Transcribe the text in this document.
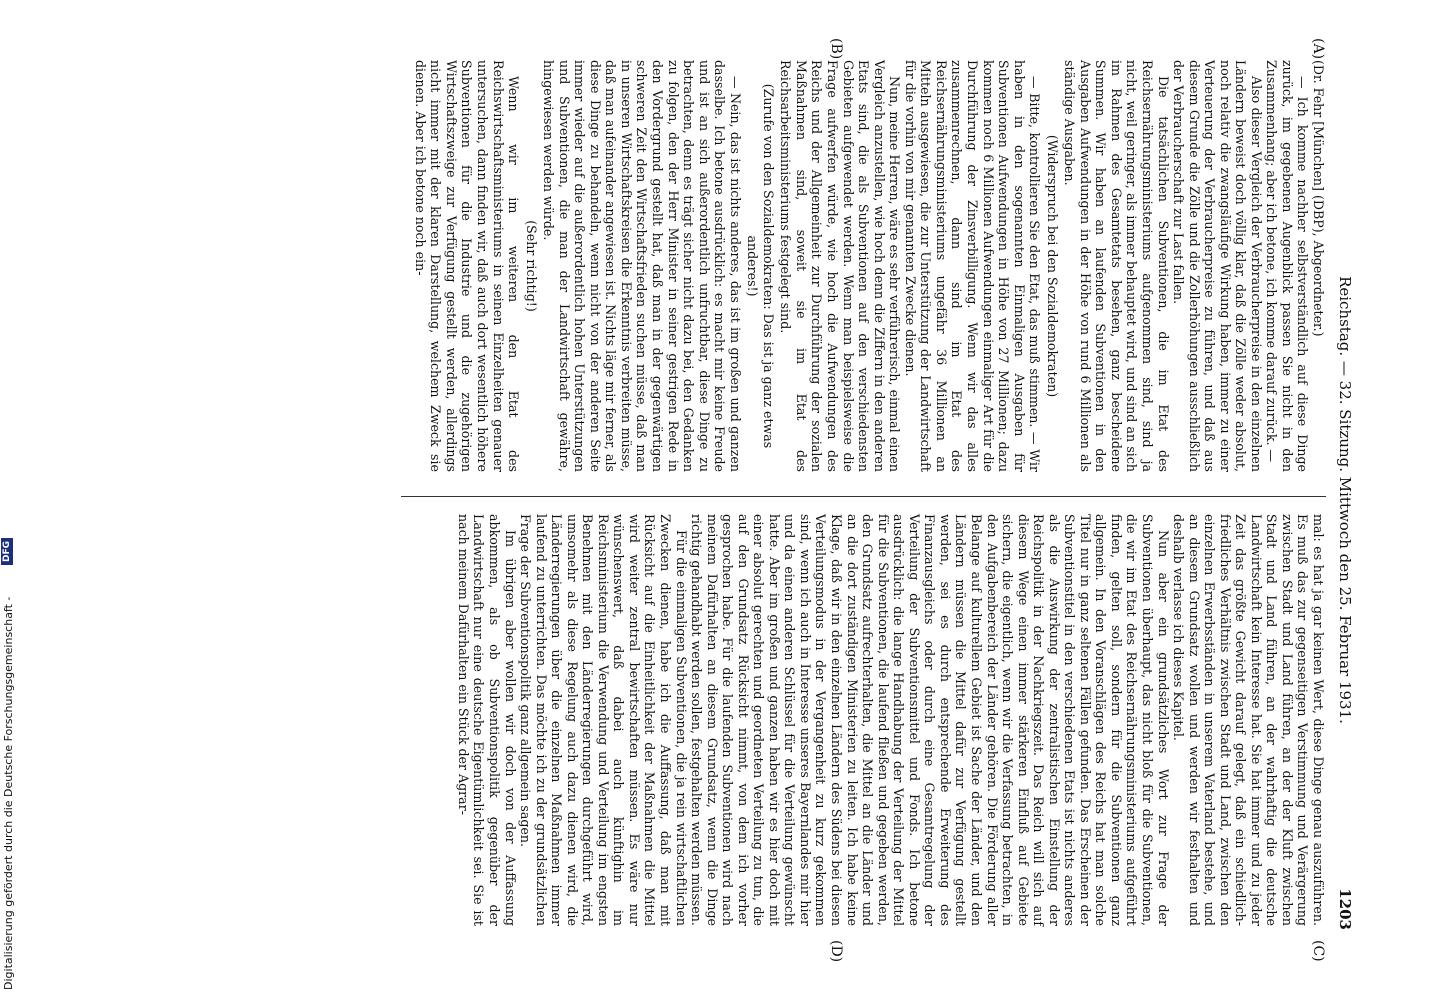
Reichstag. — 32. Sitzung. Mittwoch den 25. Februar 1931.
1203
(A)
(B)
(C)
(D)

(Dr. Fehr [München] (DBP), Abgeordneter.)

— Ich komme nachher selbstverständlich auf diese Dinge zurück, im gegebenen Augenblick passen Sie nicht in den Zusammenhang; aber ich betone, ich komme darauf zurück. —

Also dieser Vergleich der Verbraucherpreise in den einzelnen Ländern beweist doch völlig klar, daß die Zölle weder absolut, noch relativ die zwangsläufige Wirkung haben, immer zu einer Verteuerung der Verbraucherpreise zu führen, und daß aus diesem Grunde die Zölle und die Zollerhöhungen ausschließlich der Verbraucherschaft zur Last fallen.

Die tatsächlichen Subventionen, die im Etat des Reichsernährungsministeriums aufgenommen sind, sind ja nicht, weil geringer, als immer behauptet wird, und sind an sich im Rahmen des Gesamtetats besehen, ganz bescheidene Summen. Wir haben an laufenden Subventionen in den Ausgaben Aufwendungen in der Höhe von rund 6 Millionen als ständige Ausgaben.

(Widerspruch bei den Sozialdemokraten)

— Bitte, kontrollieren Sie den Etat, das muß stimmen. — Wir haben in den sogenannten Einmaligen Ausgaben für Subventionen Aufwendungen in Höhe von 27 Millionen; dazu kommen noch 6 Millionen Aufwendungen einmaliger Art für die Durchführung der Zinsverbilligung. Wenn wir das alles zusammenrechnen, dann sind im Etat des Reichsernährungsministeriums ungefähr 36 Millionen an Mitteln ausgewiesen, die zur Unterstützung der Landwirtschaft für die vorhin von mir genannten Zwecke dienen.

Nun, meine Herren, wäre es sehr verführerisch, einmal einen Vergleich anzustellen, wie hoch denn die Ziffern in den anderen Etats sind, die als Subventionen auf den verschiedensten Gebieten aufgewendet werden. Wenn man beispielsweise die Frage aufwerfen würde, wie hoch die Aufwendungen des Reichs und der Allgemeinheit zur Durchführung der sozialen Maßnahmen sind, soweit sie im Etat des Reichsarbeitsministeriums festgelegt sind.

(Zurufe von den Sozialdemokraten: Das ist ja ganz etwas anderes!)

— Nein, das ist nichts anderes, das ist im großen und ganzen dasselbe. Ich betone ausdrücklich: es macht mir keine Freude und ist an sich außerordentlich unfruchtbar, diese Dinge zu betrachten, denn es trägt sicher nicht dazu bei, den Gedanken zu folgen, den der Herr Minister in seiner gestrigen Rede in den Vordergrund gestellt hat, daß man in der gegenwärtigen schweren Zeit den Wirtschaftsfrieden suchen müsse, daß man in unseren Wirtschaftskreisen die Erkenntnis verbreiten müsse, daß man aufeinander angewiesen ist. Nichts läge mir ferner, als diese Dinge zu behandeln, wenn nicht von der anderen Seite immer wieder auf die außerordentlich hohen Unterstützungen und Subventionen, die man der Landwirtschaft gewähre, hingewiesen werden würde.

(Sehr richtig!)

Wenn wir im weiteren den Etat des Reichswirtschaftsministeriums in seinen Einzelheiten genauer untersuchen, dann finden wir, daß auch dort wesentlich höhere Subventionen für die Industrie und die zugehörigen Wirtschaftszweige zur Verfügung gestellt werden, allerdings nicht immer mit der klaren Darstellung, welchem Zweck sie dienen. Aber ich betone noch ein-

mal: es hat ja gar keinen Wert, diese Dinge genau auszuführen. Es muß das zur gegenseitigen Verstimmung und Verärgerung zwischen Stadt und Land führen, an der der Kluft zwischen Stadt und Land führen, an der wahrhaftig die deutsche Landwirtschaft kein Interesse hat. Sie hat immer und zu jeder Zeit das größte Gewicht darauf gelegt, daß ein schiedlich-friedliches Verhältnis zwischen Stadt und Land, zwischen den einzelnen Erwerbsständen in unserem Vaterland bestehe, und an diesem Grundsatz wollen und werden wir festhalten und deshalb verlasse ich dieses Kapitel.

Nun aber ein grundsätzliches Wort zur Frage der Subventionen überhaupt, das nicht bloß für die Subventionen, die wir im Etat des Reichsernährungsministeriums aufgeführt finden, gelten soll, sondern für die Subventionen ganz allgemein. In den Voranschlägen des Reichs hat man solche Titel nur in ganz seltenen Fällen gefunden. Das Erscheinen der Subventionstitel in den verschiedenen Etats ist nichts anderes als die Auswirkung der zentralistischen Einstellung der Reichspolitik in der Nachkriegszeit. Das Reich will sich auf diesem Wege einen immer stärkeren Einfluß auf Gebiete sichern, die eigentlich, wenn wir die Verfassung betrachten, in den Aufgabenbereich der Länder gehören. Die Förderung aller Belange auf kulturellem Gebiet ist Sache der Länder, und den Ländern müssen die Mittel dafür zur Verfügung gestellt werden, sei es durch entsprechende Erweiterung des Finanzausgleichs oder durch eine Gesamtregelung der Verteilung der Subventionsmittel und Fonds. Ich betone ausdrücklich: die lange Handhabung der Verteilung der Mittel für die Subventionen, die laufend fließen und gegeben werden, den Grundsatz aufrechterhalten, die Mittel an die Länder und an die dort zuständigen Ministerien zu leiten. Ich habe keine Klage, daß wir in den einzelnen Ländern des Südens bei diesen Verteilungsmodus in der Vergangenheit zu kurz gekommen sind, wenn ich auch in Interesse unseres Bayernlandes mir hier und da einen anderen Schlüssel für die Verteilung gewünscht hatte. Aber im großen und ganzen haben wir es hier doch mit einer absolut gerechten und geordneten Verteilung zu tun, die auf den Grundsatz Rücksicht nimmt, von dem ich vorher gesprochen habe. Für die laufenden Subventionen wird nach meinem Dafürhalten an diesem Grundsatz, wenn die Dinge richtig gehandhabt werden sollen, festgehalten werden müssen.

Für die einmaligen Subventionen, die ja rein wirtschaftlichen Zwecken dienen, habe ich die Auffassung, daß man mit Rücksicht auf die Einheitlichkeit der Maßnahmen die Mittel wird weiter zentral bewirtschaften müssen. Es wäre nur wünschenswert, daß dabei auch künftighin im Reichsministerium die Verwendung und Verteilung im engsten Benehmen mit den Länderregierungen durchgeführt wird, umsomehr als diese Regelung auch dazu dienen wird, die Länderregierungen über die einzelnen Maßnahmen immer laufend zu unterrichten. Das möchte ich zu der grundsätzlichen Frage der Subventionspolitik ganz allgemein sagen.

Im übrigen aber wollen wir doch von der Auffassung abkommen, als ob Subventionspolitik gegenüber der Landwirtschaft nur eine deutsche Eigentümlichkeit sei. Sie ist nach meinem Dafürhalten ein Stück der Agrar-

Digitalisierung gefördert durch die Deutsche Forschungsgemeinschaft -
DFG
